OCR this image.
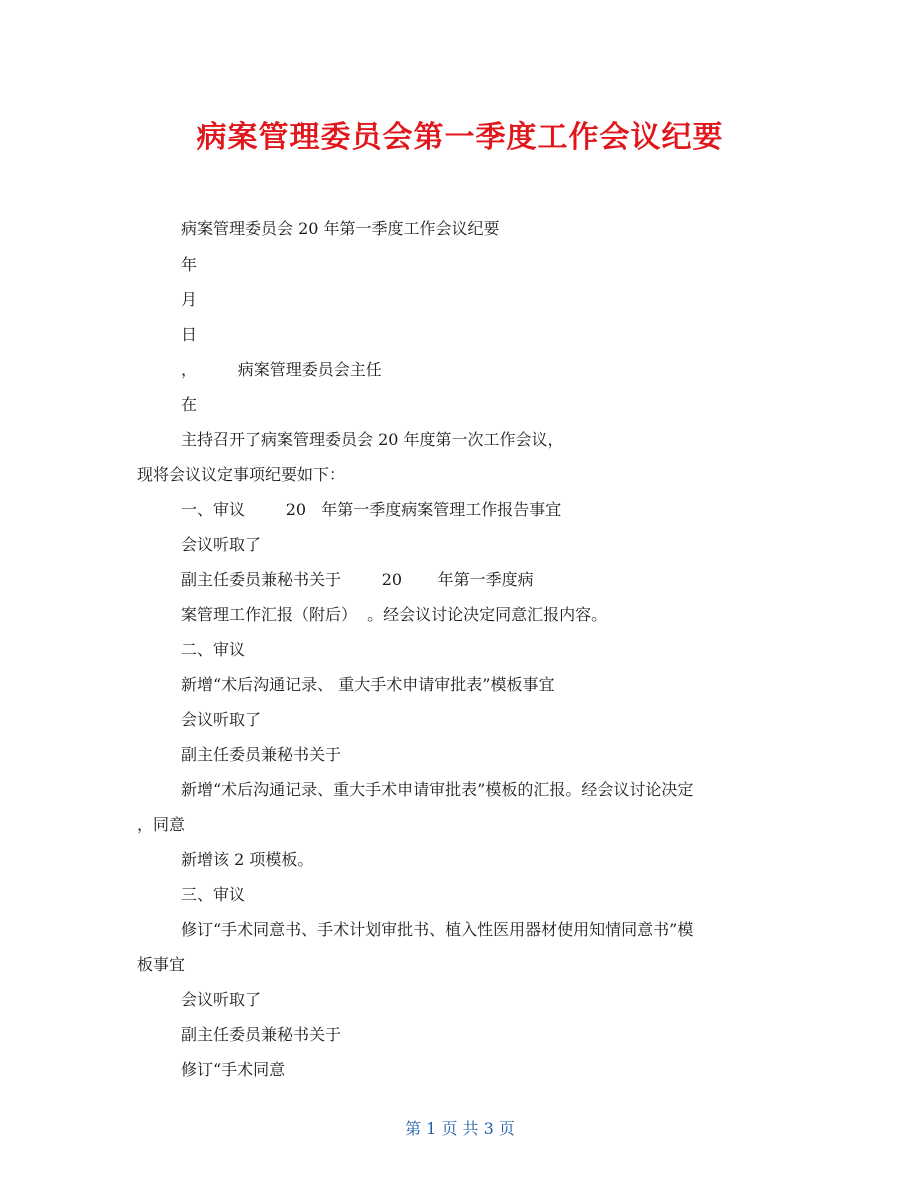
病案管理委员会第一季度工作会议纪要
病案管理委员会 20 年第一季度工作会议纪要
年
月
日
，        病案管理委员会主任
在
主持召开了病案管理委员会 20 年度第一次工作会议，
现将会议议定事项纪要如下：
一、审议        20   年第一季度病案管理工作报告事宜
会议听取了
副主任委员兼秘书关于        20       年第一季度病
案管理工作汇报（附后）  。经会议讨论决定同意汇报内容。
二、审议
新增“术后沟通记录、 重大手术申请审批表”模板事宜
会议听取了
副主任委员兼秘书关于
新增“术后沟通记录、重大手术申请审批表”模板的汇报。经会议讨论决定
，同意
新增该 2 项模板。
三、审议
修订“手术同意书、手术计划审批书、植入性医用器材使用知情同意书”模
板事宜
会议听取了
副主任委员兼秘书关于
修订“手术同意
第 1 页 共 3 页
